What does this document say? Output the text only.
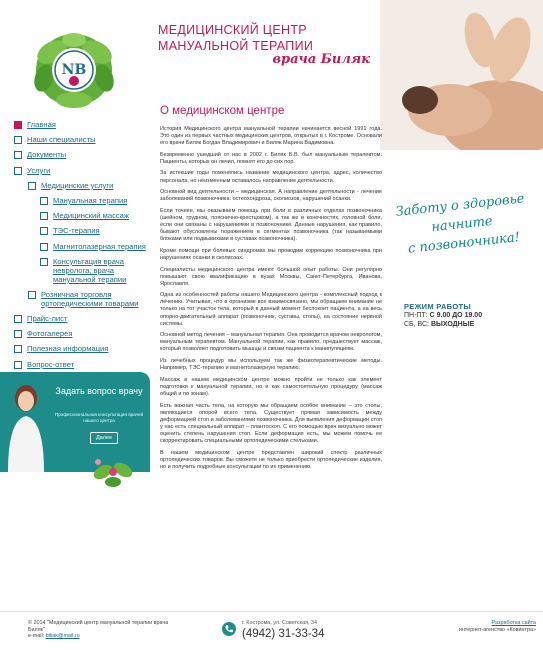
NB
МЕДИЦИНСКИЙ ЦЕНТР
МАНУАЛЬНОЙ ТЕРАПИИ
врача Биляк
Главная
Наши специалисты
Документы
Услуги
Медицинские услуги
Мануальная терапия
Медицинский массаж
ТЭС-терапия
Магнитолазерная терапия
Консультация врача невролога, врача мануальной терапии
Розничная торговля ортопедическими товарами
Прайс-лист
Фотогалерея
Полезная информация
Вопрос-ответ
Задать вопрос врачу
Профессиональная консультация врачей нашего центра
Далее
О медицинском центре

История Медицинского центра мануальной терапии начинается весной 1991 года. Это один из первых частных медицинских центров, открытых в г. Костроме. Основали его врачи Биляк Богдан Владимирович и Биляк Марина Вадимовна.

Безвременно ушедший от нас в 2002 г. Биляк Б.В. был мануальным терапевтом. Пациенты, которых он лечил, помнят его до сих пор.

За истекшие годы поменялись название медицинского центра, адрес, количество персонала, но неизменным оставалось направление деятельности.

Основной вид деятельности – медицинская. А направление деятельности - лечение заболеваний позвоночника: остеохондроза, сколиозов, нарушений осанки.

Если точнее, мы оказываем помощь при боли в различных отделах позвоночника (шейном, грудном, пояснично-крестцовом), а так же в конечностях, головной боли, если они связаны с нарушениями в позвоночнике. Данные нарушения, как правило, бывают обусловлены поражением в сегментах позвоночника (так называемыми блоками или подвывихами в суставах позвоночника).

Кроме помощи при болевых синдромах мы проводим коррекцию позвоночника при нарушениях осанки и сколиозах.

Специалисты медицинского центра имеют большой опыт работы. Они регулярно повышают свою квалификацию в вузах Москвы, Санкт-Петербурга, Иванова, Ярославля.

Одна из особенностей работы нашего Медицинского центра - комплексный подход к лечению. Учитывая, что в организме все взаимосвязано, мы обращаем внимание не только на тот участок тела, который в данный момент беспокоит пациента, а на весь опорно-двигательный аппарат (позвоночник, суставы, стопы), на состояние нервной системы.

Основной метод лечения – мануальная терапия. Она проводится врачом неврологом, мануальным терапевтом. Мануальной терапии, как правило, предшествует массаж, который позволяет подготовить мышцы и связки пациента к манипуляциям.

Из лечебных процедур мы используем так же физиотерапевтические методы. Например, ТЭС-терапию и магнитолазерную терапию.

Массаж в нашем медицинском центре можно пройти не только как элемент подготовки к мануальной терапии, но и как самостоятельную процедуру (массаж общий и по зонам).

Есть важная часть тела, на которую мы обращаем особое внимание – это стопы, являющиеся опорой всего тела. Существует прямая зависимость между деформацией стоп и заболеваниями позвоночника. Для выявления деформации стоп у нас есть специальный аппарат – плантоскоп. С его помощью врач визуально может оценить степень нарушения стоп. Если деформация есть, мы можем помочь ее скорректировать специальными ортопедическими стельками.

В нашем медицинском центре представлен широкий спектр различных ортопедических товаров. Вы сможете не только приобрести ортопедические изделия, но и получить подробные консультации по их применению.

Заботу о здоровье
начните
с позвоночника!
РЕЖИМ РАБОТЫ
ПН-ПТ: С 9.00 ДО 19.00
СБ, ВС: ВЫХОДНЫЕ
© 2014 "Медицинский центр мануальной терапии врача Биляк"
e-mail: biliak@mail.ru
г. Кострома, ул. Советская, 34
(4942) 31-33-34
Разработка сайта
интернет-агенство «Ковинтра»
